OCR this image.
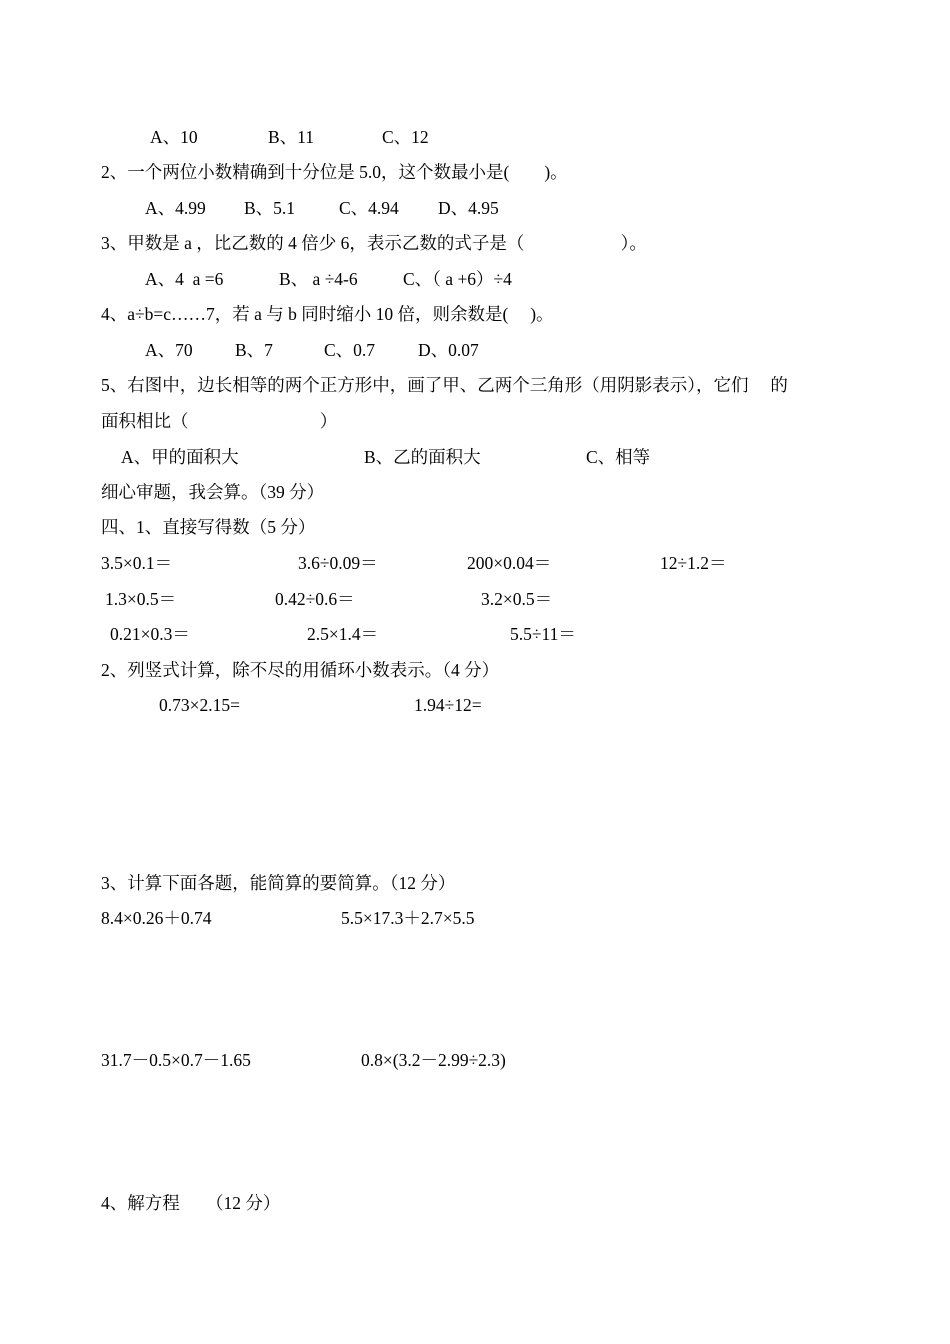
A、10	B、11	C、12
2、一个两位小数精确到十分位是 5.0，这个数最小是(        )。
A、4.99 B、5.1	C、4.94 D、4.95
3、甲数是 a ，比乙数的 4 倍少 6，表示乙数的式子是（                      ）。
A、4  a =6	B、 a ÷4-6	C、（ a +6）÷4
4、a÷b=c……7，若 a 与 b 同时缩小 10 倍，则余数是(     )。
A、70 B、7	C、0.7 D、0.07
5、右图中，边长相等的两个正方形中，画了甲、乙两个三角形（用阴影表示），它们     的
面积相比（                              ）
A、甲的面积大	B、乙的面积大	C、相等
细心审题，我会算。（39 分）
四、1、直接写得数（5 分）
3.5×0.1＝	3.6÷0.09＝	200×0.04＝	12÷1.2＝
1.3×0.5＝	0.42÷0.6＝	3.2×0.5＝
0.21×0.3＝	2.5×1.4＝	5.5÷11＝
2、列竖式计算，除不尽的用循环小数表示。（4 分）
0.73×2.15=	1.94÷12=
3、计算下面各题，能简算的要简算。（12 分）
8.4×0.26＋0.74	5.5×17.3＋2.7×5.5
31.7－0.5×0.7－1.65	0.8×(3.2－2.99÷2.3)
4、解方程      （12 分）
